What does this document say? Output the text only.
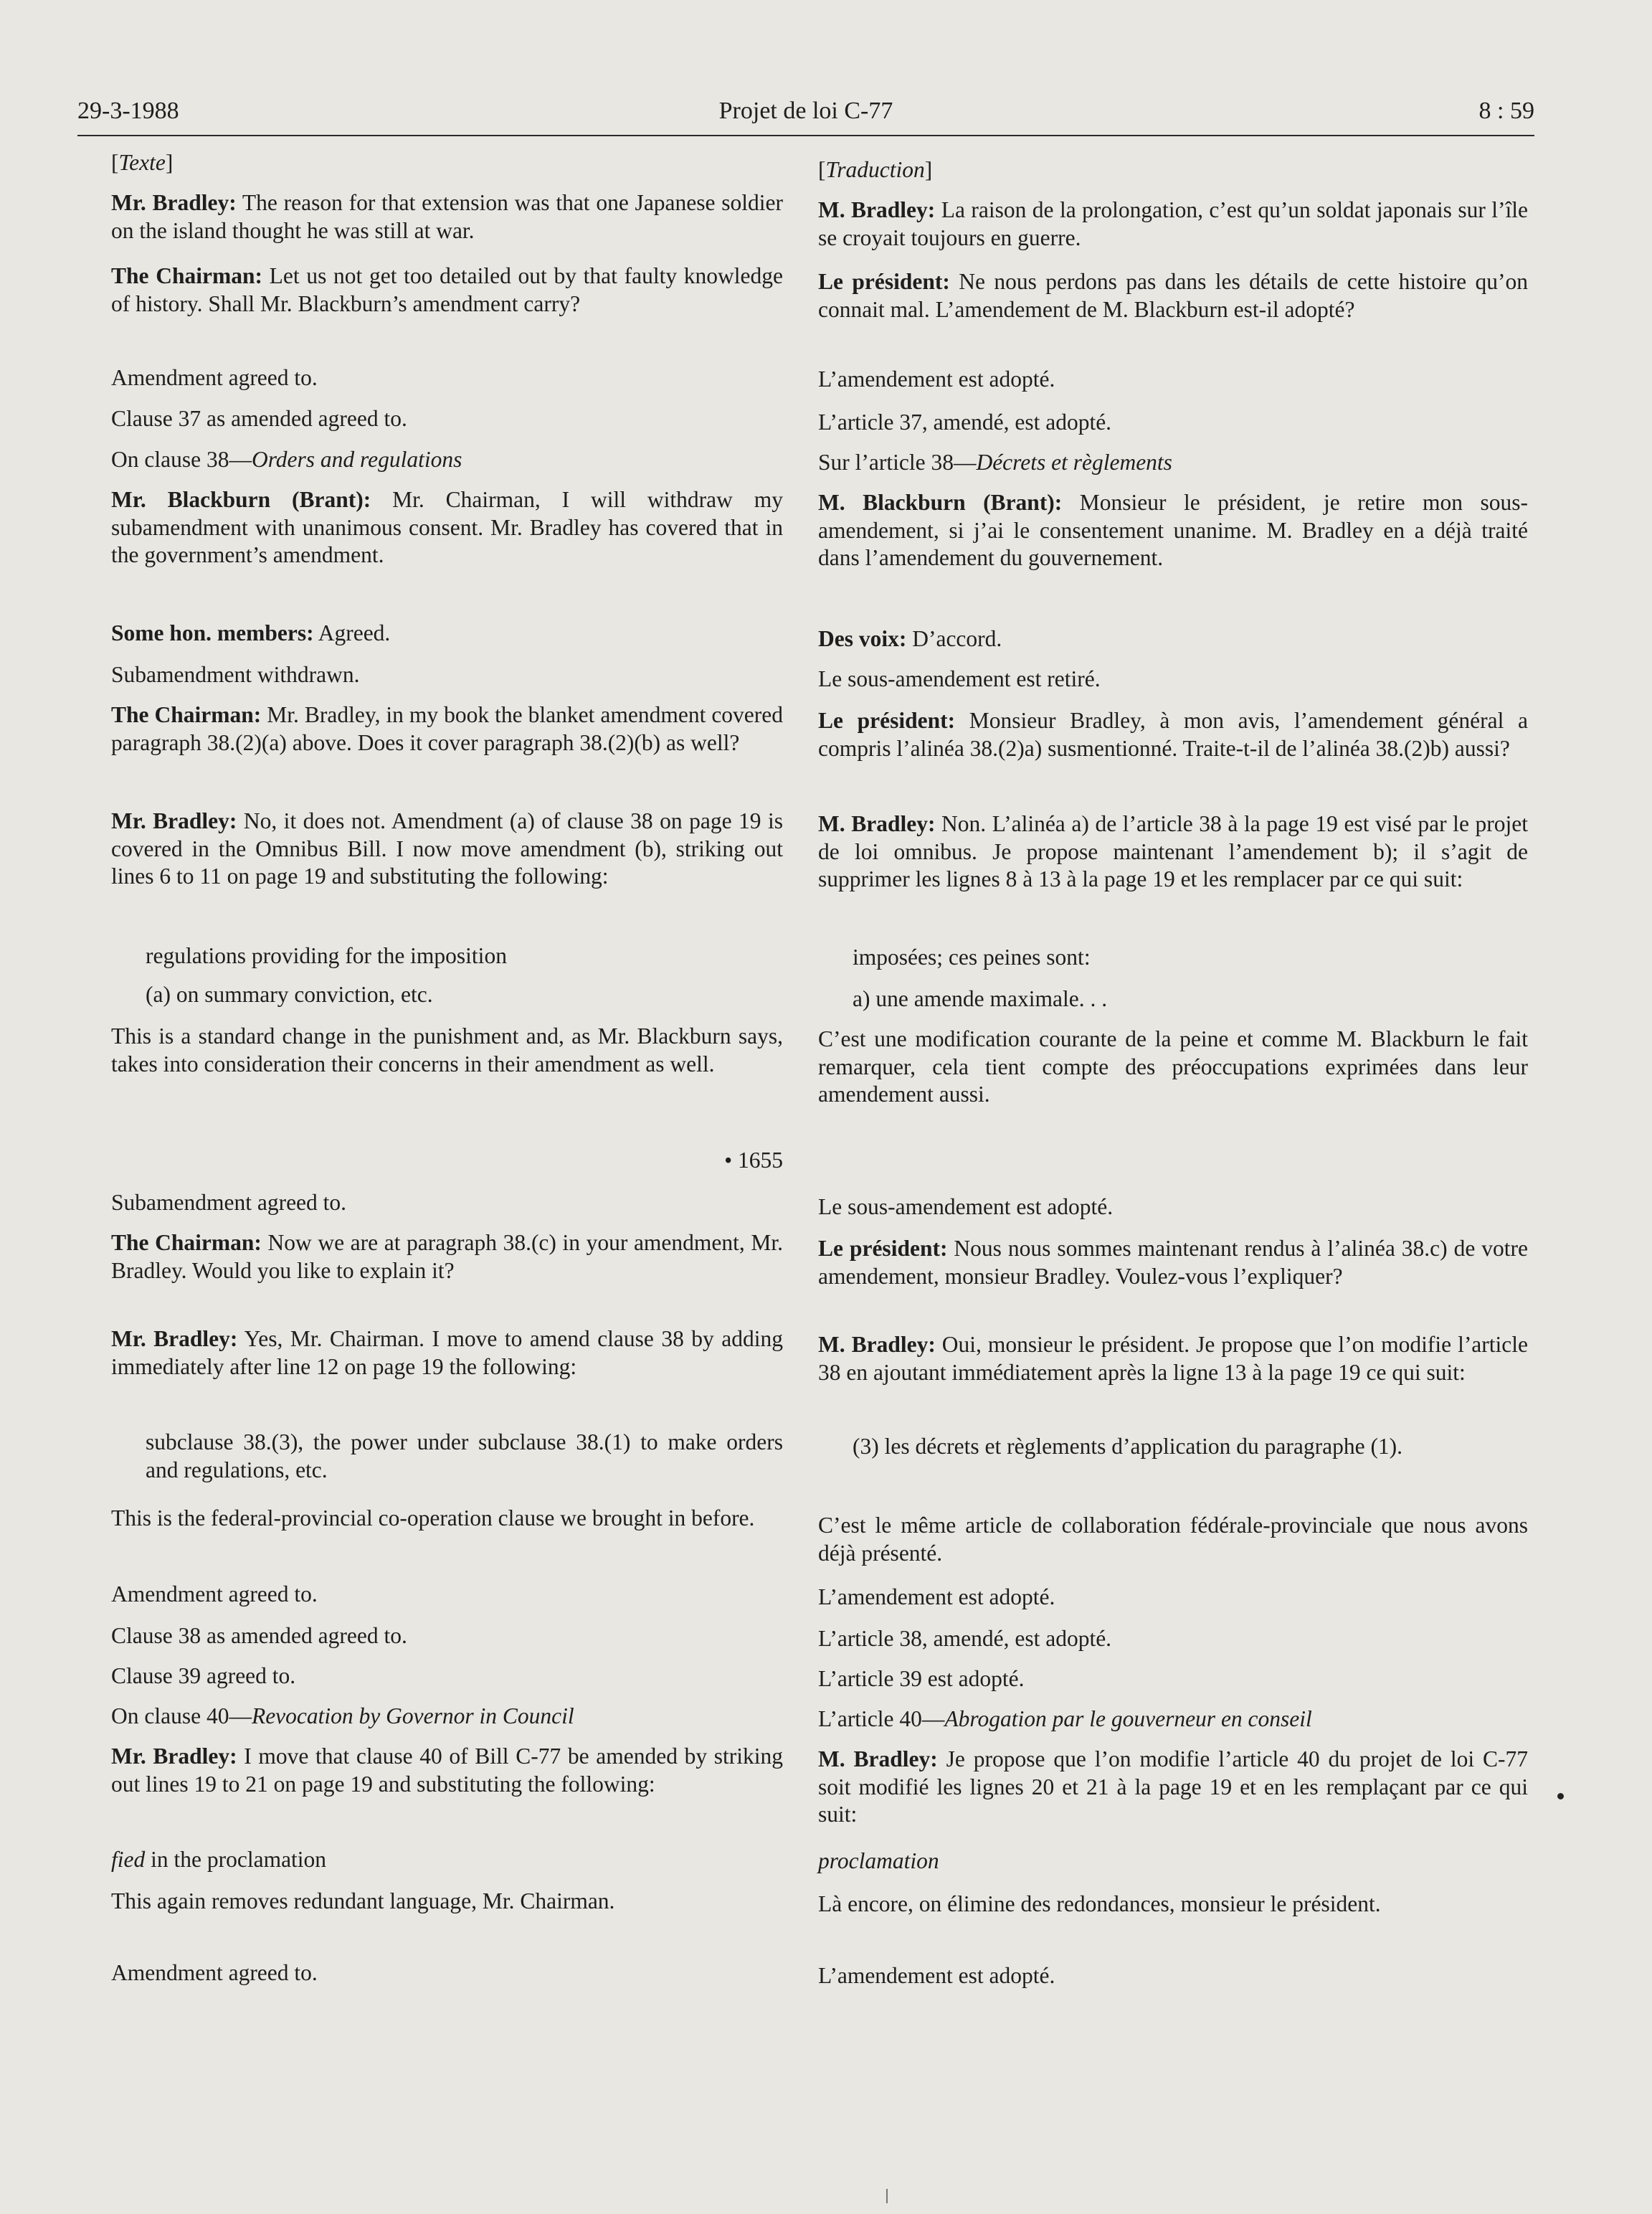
29-3-1988	Projet de loi C-77	8 : 59

[Texte]

Mr. Bradley: The reason for that extension was that one Japanese soldier on the island thought he was still at war.

The Chairman: Let us not get too detailed out by that faulty knowledge of history. Shall Mr. Blackburn’s amendment carry?

Amendment agreed to.

Clause 37 as amended agreed to.

On clause 38—Orders and regulations

Mr. Blackburn (Brant): Mr. Chairman, I will withdraw my subamendment with unanimous consent. Mr. Bradley has covered that in the government’s amendment.

Some hon. members: Agreed.

Subamendment withdrawn.

The Chairman: Mr. Bradley, in my book the blanket amendment covered paragraph 38.(2)(a) above. Does it cover paragraph 38.(2)(b) as well?

Mr. Bradley: No, it does not. Amendment (a) of clause 38 on page 19 is covered in the Omnibus Bill. I now move amendment (b), striking out lines 6 to 11 on page 19 and substituting the following:

regulations providing for the imposition

(a) on summary conviction, etc.

This is a standard change in the punishment and, as Mr. Blackburn says, takes into consideration their concerns in their amendment as well.

• 1655

Subamendment agreed to.

The Chairman: Now we are at paragraph 38.(c) in your amendment, Mr. Bradley. Would you like to explain it?

Mr. Bradley: Yes, Mr. Chairman. I move to amend clause 38 by adding immediately after line 12 on page 19 the following:

subclause 38.(3), the power under subclause 38.(1) to make orders and regulations, etc.

This is the federal-provincial co-operation clause we brought in before.

Amendment agreed to.

Clause 38 as amended agreed to.

Clause 39 agreed to.

On clause 40—Revocation by Governor in Council

Mr. Bradley: I move that clause 40 of Bill C-77 be amended by striking out lines 19 to 21 on page 19 and substituting the following:

fied in the proclamation

This again removes redundant language, Mr. Chairman.

Amendment agreed to.

[Traduction]

M. Bradley: La raison de la prolongation, c’est qu’un soldat japonais sur l’île se croyait toujours en guerre.

Le président: Ne nous perdons pas dans les détails de cette histoire qu’on connait mal. L’amendement de M. Blackburn est-il adopté?

L’amendement est adopté.

L’article 37, amendé, est adopté.

Sur l’article 38—Décrets et règlements

M. Blackburn (Brant): Monsieur le président, je retire mon sous-amendement, si j’ai le consentement unanime. M. Bradley en a déjà traité dans l’amendement du gouvernement.

Des voix: D’accord.

Le sous-amendement est retiré.

Le président: Monsieur Bradley, à mon avis, l’amendement général a compris l’alinéa 38.(2)a) susmentionné. Traite-t-il de l’alinéa 38.(2)b) aussi?

M. Bradley: Non. L’alinéa a) de l’article 38 à la page 19 est visé par le projet de loi omnibus. Je propose maintenant l’amendement b); il s’agit de supprimer les lignes 8 à 13 à la page 19 et les remplacer par ce qui suit:

imposées; ces peines sont:

a) une amende maximale. . .

C’est une modification courante de la peine et comme M. Blackburn le fait remarquer, cela tient compte des préoccupations exprimées dans leur amendement aussi.

Le sous-amendement est adopté.

Le président: Nous nous sommes maintenant rendus à l’alinéa 38.c) de votre amendement, monsieur Bradley. Voulez-vous l’expliquer?

M. Bradley: Oui, monsieur le président. Je propose que l’on modifie l’article 38 en ajoutant immédiatement après la ligne 13 à la page 19 ce qui suit:

(3) les décrets et règlements d’application du paragraphe (1).

C’est le même article de collaboration fédérale-provinciale que nous avons déjà présenté.

L’amendement est adopté.

L’article 38, amendé, est adopté.

L’article 39 est adopté.

L’article 40—Abrogation par le gouverneur en conseil

M. Bradley: Je propose que l’on modifie l’article 40 du projet de loi C-77 soit modifié les lignes 20 et 21 à la page 19 et en les remplaçant par ce qui suit:

proclamation

Là encore, on élimine des redondances, monsieur le président.

L’amendement est adopté.
